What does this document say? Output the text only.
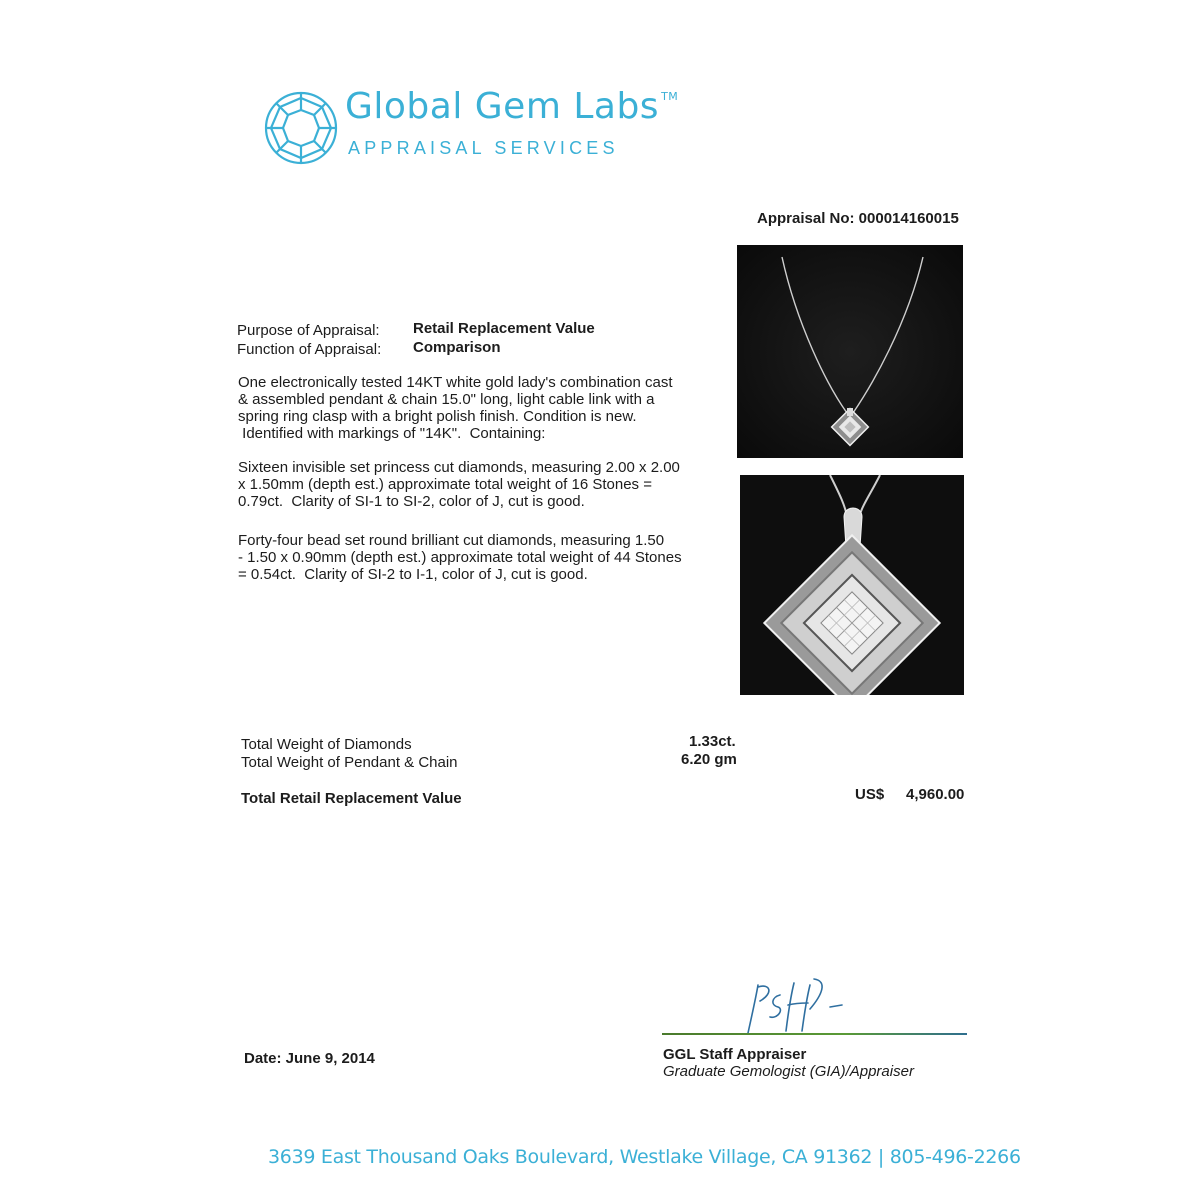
Global Gem Labs ™
APPRAISAL SERVICES
Appraisal No: 000014160015
Purpose of Appraisal: Retail Replacement Value
Function of Appraisal: Comparison
One electronically tested 14KT white gold lady's combination cast
& assembled pendant & chain 15.0" long, light cable link with a
spring ring clasp with a bright polish finish. Condition is new.
Identified with markings of "14K".  Containing:
Sixteen invisible set princess cut diamonds, measuring 2.00 x 2.00
x 1.50mm (depth est.) approximate total weight of 16 Stones =
0.79ct.  Clarity of SI-1 to SI-2, color of J, cut is good.
Forty-four bead set round brilliant cut diamonds, measuring 1.50
- 1.50 x 0.90mm (depth est.) approximate total weight of 44 Stones
= 0.54ct.  Clarity of SI-2 to I-1, color of J, cut is good.
Total Weight of Diamonds	1.33ct.
Total Weight of Pendant & Chain	6.20 gm
Total Retail Replacement Value	US$ 4,960.00
Date: June 9, 2014	GGL Staff Appraiser
Graduate Gemologist (GIA)/Appraiser
3639 East Thousand Oaks Boulevard, Westlake Village, CA 91362 | 805-496-2266
